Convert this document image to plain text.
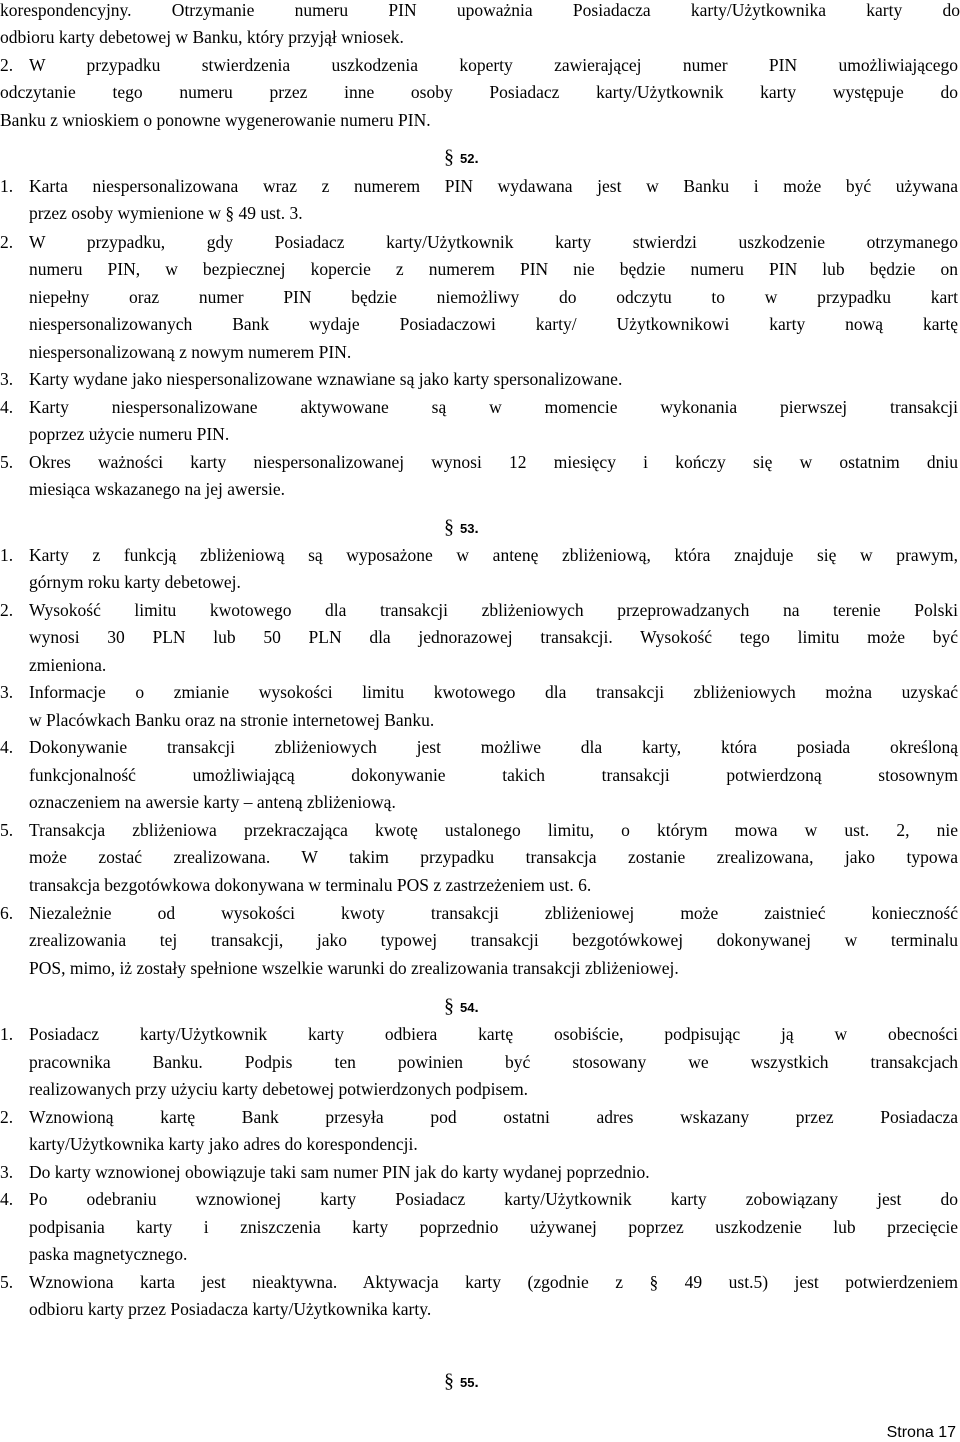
korespondencyjny. Otrzymanie numeru PIN upoważnia Posiadacza karty/Użytkownika karty do
odbioru karty debetowej w Banku, który przyjął wniosek.
2. W przypadku stwierdzenia uszkodzenia koperty zawierającej numer PIN umożliwiającego
odczytanie tego numeru przez inne osoby Posiadacz karty/Użytkownik karty występuje do
Banku z wnioskiem o ponowne wygenerowanie numeru PIN.
§ 52.
1. Karta niespersonalizowana wraz z numerem PIN wydawana jest w Banku i może być używana
przez osoby wymienione w § 49 ust. 3.
2. W przypadku, gdy Posiadacz karty/Użytkownik karty stwierdzi uszkodzenie otrzymanego
numeru PIN, w bezpiecznej kopercie z numerem PIN nie będzie numeru PIN lub będzie on
niepełny oraz numer PIN będzie niemożliwy do odczytu to w przypadku kart
niespersonalizowanych Bank wydaje Posiadaczowi karty/ Użytkownikowi karty nową kartę
niespersonalizowaną z nowym numerem PIN.
3. Karty wydane jako niespersonalizowane wznawiane są jako karty spersonalizowane.
4. Karty niespersonalizowane aktywowane są w momencie wykonania pierwszej transakcji
poprzez użycie numeru PIN.
5. Okres ważności karty niespersonalizowanej wynosi 12 miesięcy i kończy się w ostatnim dniu
miesiąca wskazanego na jej awersie.
§ 53.
1. Karty z funkcją zbliżeniową są wyposażone w antenę zbliżeniową, która znajduje się w prawym,
górnym roku karty debetowej.
2. Wysokość limitu kwotowego dla transakcji zbliżeniowych przeprowadzanych na terenie Polski
wynosi 30 PLN lub 50 PLN dla jednorazowej transakcji. Wysokość tego limitu może być
zmieniona.
3. Informacje o zmianie wysokości limitu kwotowego dla transakcji zbliżeniowych można uzyskać
w Placówkach Banku oraz na stronie internetowej Banku.
4. Dokonywanie transakcji zbliżeniowych jest możliwe dla karty, która posiada określoną
funkcjonalność umożliwiającą dokonywanie takich transakcji potwierdzoną stosownym
oznaczeniem na awersie karty – anteną zbliżeniową.
5. Transakcja zbliżeniowa przekraczająca kwotę ustalonego limitu, o którym mowa w ust. 2, nie
może zostać zrealizowana. W takim przypadku transakcja zostanie zrealizowana, jako typowa
transakcja bezgotówkowa dokonywana w terminalu POS z zastrzeżeniem ust. 6.
6. Niezależnie od wysokości kwoty transakcji zbliżeniowej może zaistnieć konieczność
zrealizowania tej transakcji, jako typowej transakcji bezgotówkowej dokonywanej w terminalu
POS, mimo, iż zostały spełnione wszelkie warunki do zrealizowania transakcji zbliżeniowej.
§ 54.
1. Posiadacz karty/Użytkownik karty odbiera kartę osobiście, podpisując ją w obecności
pracownika Banku. Podpis ten powinien być stosowany we wszystkich transakcjach
realizowanych przy użyciu karty debetowej potwierdzonych podpisem.
2. Wznowioną kartę Bank przesyła pod ostatni adres wskazany przez Posiadacza
karty/Użytkownika karty jako adres do korespondencji.
3. Do karty wznowionej obowiązuje taki sam numer PIN jak do karty wydanej poprzednio.
4. Po odebraniu wznowionej karty Posiadacz karty/Użytkownik karty zobowiązany jest do
podpisania karty i zniszczenia karty poprzednio używanej poprzez uszkodzenie lub przecięcie
paska magnetycznego.
5. Wznowiona karta jest nieaktywna. Aktywacja karty (zgodnie z § 49 ust.5) jest potwierdzeniem
odbioru karty przez Posiadacza karty/Użytkownika karty.
§ 55.
Strona 17
